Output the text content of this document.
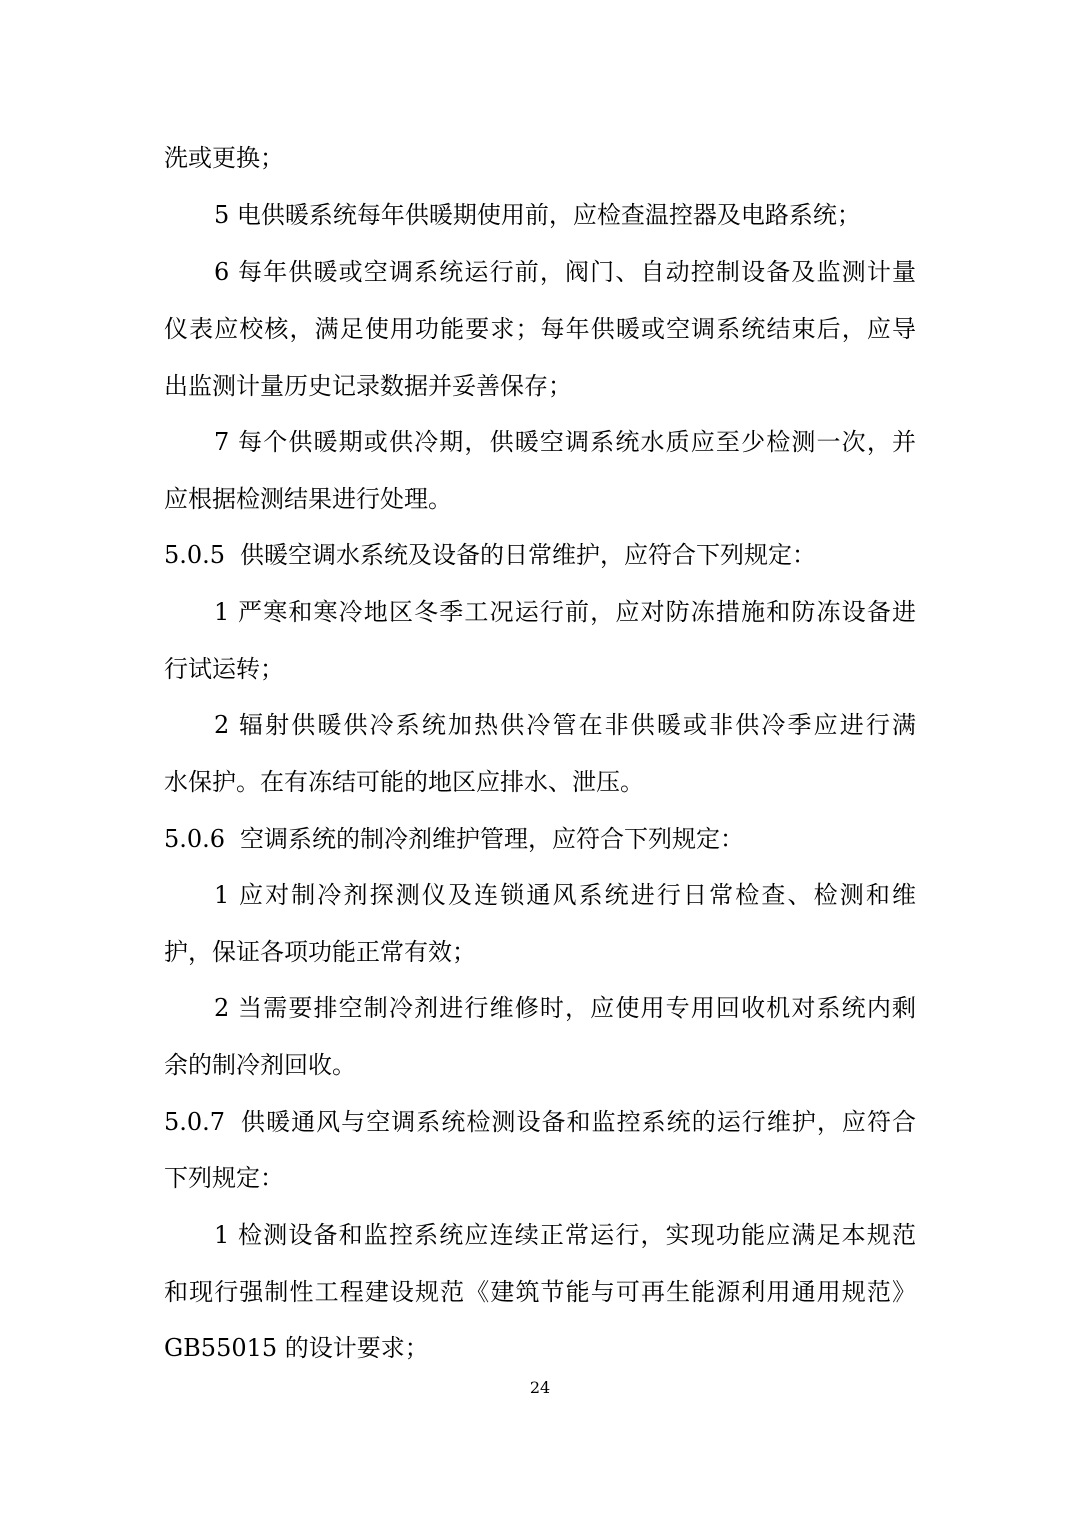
洗或更换；
5 电供暖系统每年供暖期使用前，应检查温控器及电路系统；
6 每年供暖或空调系统运行前，阀门、自动控制设备及监测计量
仪表应校核，满足使用功能要求；每年供暖或空调系统结束后，应导
出监测计量历史记录数据并妥善保存；
7 每个供暖期或供冷期，供暖空调系统水质应至少检测一次，并
应根据检测结果进行处理。
5.0.5 供暖空调水系统及设备的日常维护，应符合下列规定：
1 严寒和寒冷地区冬季工况运行前，应对防冻措施和防冻设备进
行试运转；
2 辐射供暖供冷系统加热供冷管在非供暖或非供冷季应进行满
水保护。在有冻结可能的地区应排水、泄压。
5.0.6 空调系统的制冷剂维护管理，应符合下列规定：
1 应对制冷剂探测仪及连锁通风系统进行日常检查、检测和维
护，保证各项功能正常有效；
2 当需要排空制冷剂进行维修时，应使用专用回收机对系统内剩
余的制冷剂回收。
5.0.7 供暖通风与空调系统检测设备和监控系统的运行维护，应符合
下列规定：
1 检测设备和监控系统应连续正常运行，实现功能应满足本规范
和现行强制性工程建设规范《建筑节能与可再生能源利用通用规范》
GB55015 的设计要求；
24
